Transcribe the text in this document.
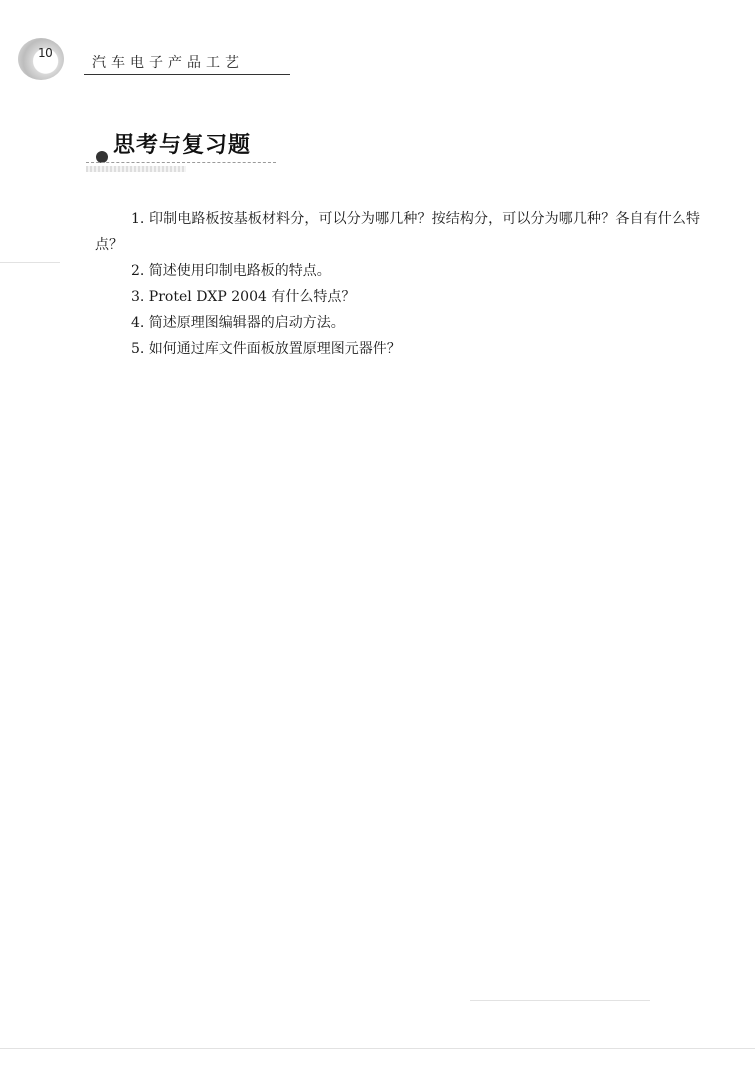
10
汽车电子产品工艺
思考与复习题

1. 印制电路板按基板材料分，可以分为哪几种？按结构分，可以分为哪几种？各自有什么特点？

2. 简述使用印制电路板的特点。

3. Protel DXP 2004 有什么特点？

4. 简述原理图编辑器的启动方法。

5. 如何通过库文件面板放置原理图元器件？
